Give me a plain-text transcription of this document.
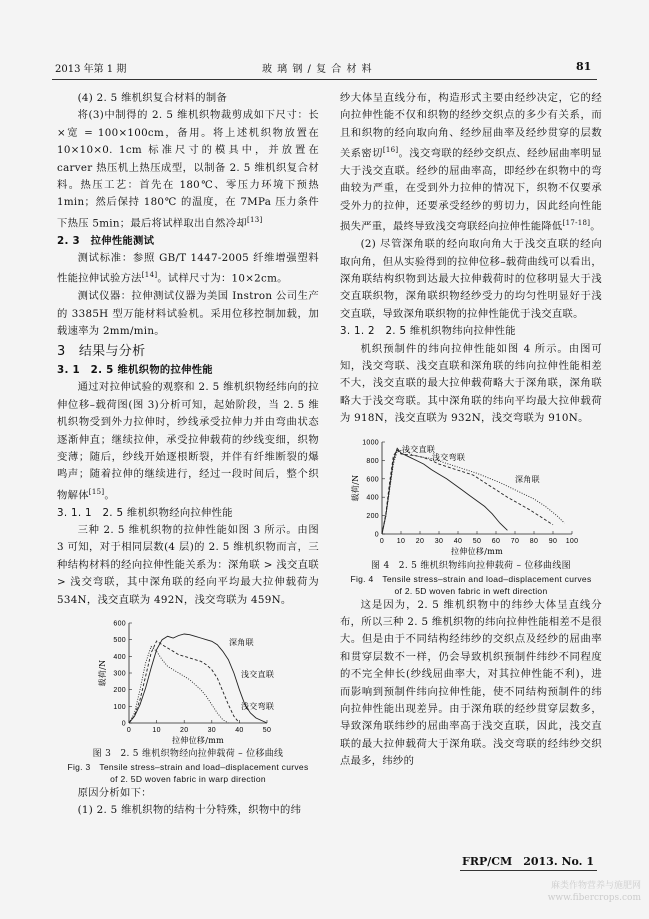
2013 年第 1 期	玻 璃 钢 / 复 合 材 料	81

(4) 2. 5 维机织复合材料的制备

将(3)中制得的 2. 5 维机织物裁剪成如下尺寸：长×宽 = 100×100cm，备用。将上述机织物放置在 10×10×0. 1cm 标准尺寸的模具中，并放置在 carver 热压机上热压成型，以制备 2. 5 维机织复合材料。热压工艺：首先在 180℃、零压力环境下预热 1min；然后保持 180℃ 的温度，在 7MPa 压力条件下热压 5min；最后将试样取出自然冷却[13]

2. 3　拉伸性能测试

测试标准：参照 GB/T 1447-2005 纤维增强塑料性能拉伸试验方法[14]。试样尺寸为：10×2cm。

测试仪器：拉伸测试仪器为美国 Instron 公司生产的 3385H 型万能材料试验机。采用位移控制加载，加载速率为 2mm/min。

3　结果与分析

3. 1　2. 5 维机织物的拉伸性能

通过对拉伸试验的观察和 2. 5 维机织物经纬向的拉伸位移–载荷图(图 3)分析可知，起始阶段，当 2. 5 维机织物受到外力拉伸时，纱线承受拉伸力并由弯曲状态逐渐伸直；继续拉伸，承受拉伸载荷的纱线变细，织物变薄；随后，纱线开始逐根断裂，并伴有纤维断裂的爆鸣声；随着拉伸的继续进行，经过一段时间后，整个织物解体[15]。

3. 1. 1　2. 5 维机织物经向拉伸性能

三种 2. 5 维机织物的拉伸性能如图 3 所示。由图 3 可知，对于相同层数(4 层)的 2. 5 维机织物而言，三种结构材料的经向拉伸性能关系为：深角联 > 浅交直联 > 浅交弯联，其中深角联的经向平均最大拉伸载荷为 534N，浅交直联为 492N，浅交弯联为 459N。

0	10	20	30	40	50
0
100
200
300
400
500
600
拉伸位移/mm
载荷/N
深角联
浅交直联
浅交弯联

图 3　2. 5 维机织物经向拉伸载荷 – 位移曲线

Fig. 3　Tensile stress–strain and load–displacement curves

of 2. 5D woven fabric in warp direction

原因分析如下：

(1) 2. 5 维机织物的结构十分特殊，织物中的纬

纱大体呈直线分布，构造形式主要由经纱决定，它的经向拉伸性能不仅和织物的经纱交织点的多少有关系，而且和织物的经向取向角、经纱屈曲率及经纱贯穿的层数关系密切[16]。浅交弯联的经纱交织点、经纱屈曲率明显大于浅交直联。经纱的屈曲率高，即经纱在织物中的弯曲较为严重，在受到外力拉伸的情况下，织物不仅要承受外力的拉伸，还要承受经纱的剪切力，因此经向性能损失严重，最终导致浅交弯联经向拉伸性能降低[17-18]。

(2) 尽管深角联的经向取向角大于浅交直联的经向取向角，但从实验得到的拉伸位移–载荷曲线可以看出，深角联结构织物到达最大拉伸载荷时的位移明显大于浅交直联织物，深角联织物经纱受力的均匀性明显好于浅交直联，导致深角联织物的拉伸性能优于浅交直联。

3. 1. 2　2. 5 维机织物纬向拉伸性能

机织预制件的纬向拉伸性能如图 4 所示。由图可知，浅交弯联、浅交直联和深角联的纬向拉伸性能相差不大，浅交直联的最大拉伸载荷略大于深角联，深角联略大于浅交弯联。其中深角联的纬向平均最大拉伸载荷为 918N，浅交直联为 932N，浅交弯联为 910N。

0 10 20 30 40 50 60 70 80 90 100
0
200
400
600
800
1000
拉伸位移/mm
载荷/N
浅交直联
浅交弯联
深角联

图 4　2. 5 维机织物纬向拉伸载荷 – 位移曲线图

Fig. 4　Tensile stress–strain and load–displacement curves

of 2. 5D woven fabric in weft direction

这是因为，2. 5 维机织物中的纬纱大体呈直线分布，所以三种 2. 5 维机织物的纬向拉伸性能相差不是很大。但是由于不同结构经纬纱的交织点及经纱的屈曲率和贯穿层数不一样，仍会导致机织预制件纬纱不同程度的不完全伸长(纱线屈曲率大，对其拉伸性能不利)，进而影响到预制件纬向拉伸性能，使不同结构预制件的纬向拉伸性能出现差异。由于深角联的经纱贯穿层数多，导致深角联纬纱的屈曲率高于浅交直联，因此，浅交直联的最大拉伸载荷大于深角联。浅交弯联的经纬纱交织点最多，纬纱的

FRP/CM　2013. No. 1
麻类作物营养与施肥网
www.fibercrops.com
